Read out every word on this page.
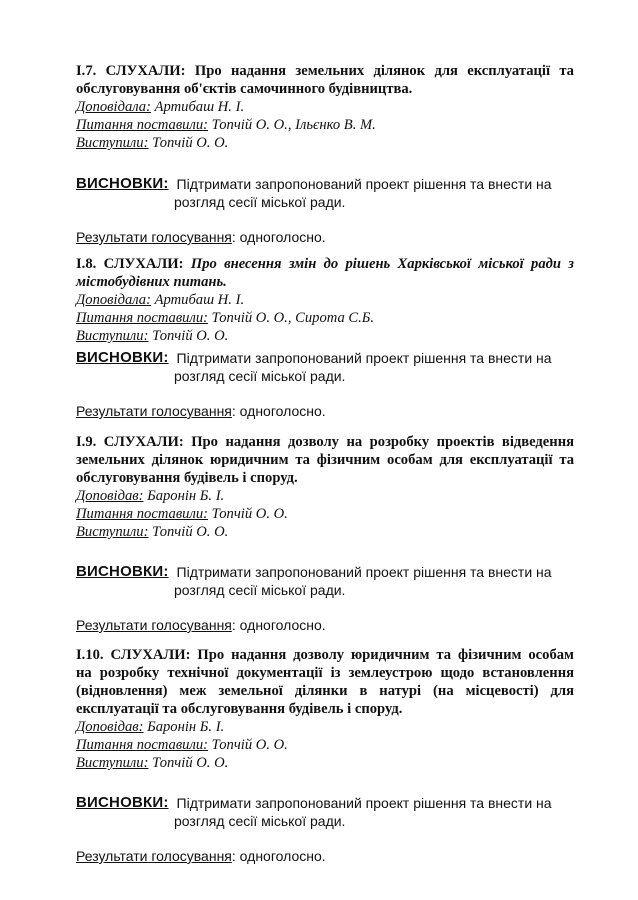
І.7. СЛУХАЛИ: Про надання земельних ділянок для експлуатації та
обслуговування об'єктів самочинного будівництва.
Доповідала: Артибаш Н. І.
Питання поставили: Топчій О. О., Ільєнко В. М.
Виступили: Топчій О. О.
ВИСНОВКИ: Підтримати запропонований проект рішення та внести на
розгляд сесії міської ради.
Результати голосування: одноголосно.
І.8. СЛУХАЛИ: Про внесення змін до рішень Харківської міської ради з
містобудівних питань.
Доповідала: Артибаш Н. І.
Питання поставили: Топчій О. О., Сирота С.Б.
Виступили: Топчій О. О.
ВИСНОВКИ: Підтримати запропонований проект рішення та внести на
розгляд сесії міської ради.
Результати голосування: одноголосно.
І.9. СЛУХАЛИ: Про надання дозволу на розробку проектів відведення
земельних ділянок юридичним та фізичним особам для експлуатації та
обслуговування будівель і споруд.
Доповідав: Баронін Б. І.
Питання поставили: Топчій О. О.
Виступили: Топчій О. О.
ВИСНОВКИ: Підтримати запропонований проект рішення та внести на
розгляд сесії міської ради.
Результати голосування: одноголосно.
І.10. СЛУХАЛИ: Про надання дозволу юридичним та фізичним особам
на розробку технічної документації із землеустрою щодо встановлення
(відновлення) меж земельної ділянки в натурі (на місцевості) для
експлуатації та обслуговування будівель і споруд.
Доповідав: Баронін Б. І.
Питання поставили: Топчій О. О.
Виступили: Топчій О. О.
ВИСНОВКИ: Підтримати запропонований проект рішення та внести на
розгляд сесії міської ради.
Результати голосування: одноголосно.
